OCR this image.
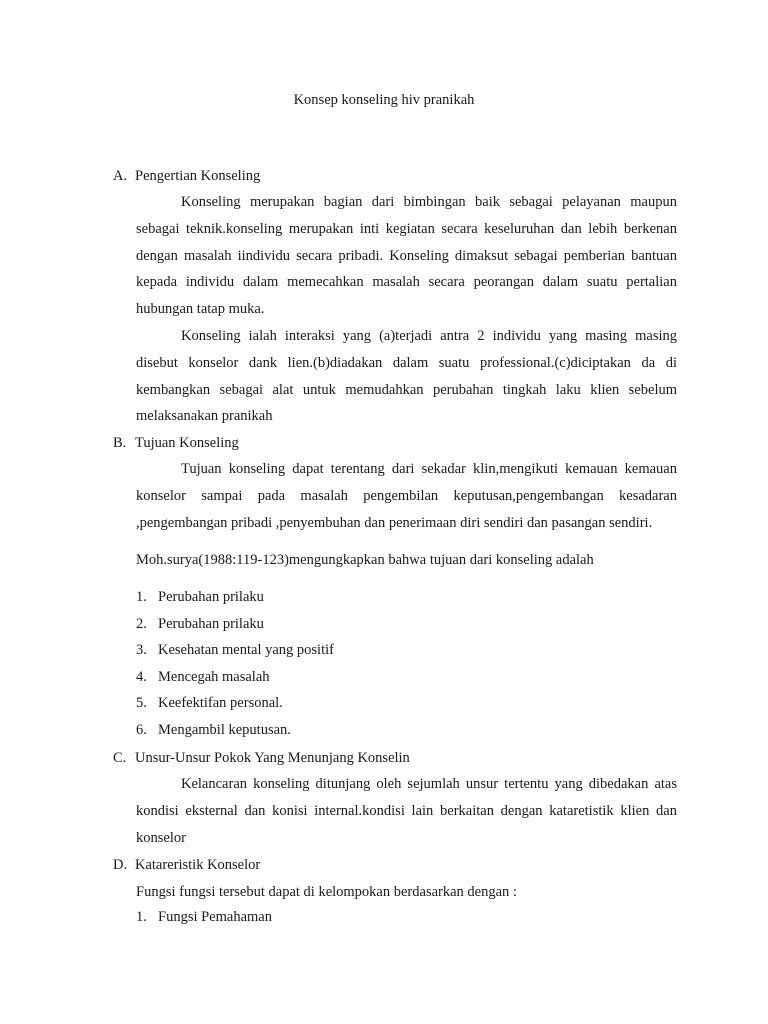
Konsep konseling hiv pranikah
A. Pengertian Konseling

Konseling merupakan bagian dari bimbingan baik sebagai pelayanan maupun sebagai teknik.konseling merupakan inti kegiatan secara keseluruhan dan lebih berkenan dengan masalah iindividu secara pribadi. Konseling dimaksut sebagai pemberian bantuan kepada individu dalam memecahkan masalah secara peorangan dalam suatu pertalian hubungan tatap muka.

Konseling ialah interaksi yang (a)terjadi antra 2 individu yang masing masing disebut konselor dank lien.(b)diadakan dalam suatu professional.(c)diciptakan da di kembangkan sebagai alat untuk memudahkan perubahan tingkah laku klien sebelum melaksanakan pranikah

B. Tujuan Konseling

Tujuan konseling dapat terentang dari sekadar klin,mengikuti kemauan kemauan konselor sampai pada masalah pengembilan keputusan,pengembangan kesadaran ,pengembangan pribadi ,penyembuhan dan penerimaan diri sendiri dan pasangan sendiri.

Moh.surya(1988:119-123)mengungkapkan bahwa tujuan dari konseling adalah
1. Perubahan prilaku
2. Perubahan prilaku
3. Kesehatan mental yang positif
4. Mencegah masalah
5. Keefektifan personal.
6. Mengambil keputusan.
C. Unsur-Unsur Pokok Yang Menunjang Konselin

Kelancaran konseling ditunjang oleh sejumlah unsur tertentu yang dibedakan atas kondisi eksternal dan konisi internal.kondisi lain berkaitan dengan kataretistik klien dan konselor

D. Katareristik Konselor
Fungsi fungsi tersebut dapat di kelompokan berdasarkan dengan :
1. Fungsi Pemahaman
